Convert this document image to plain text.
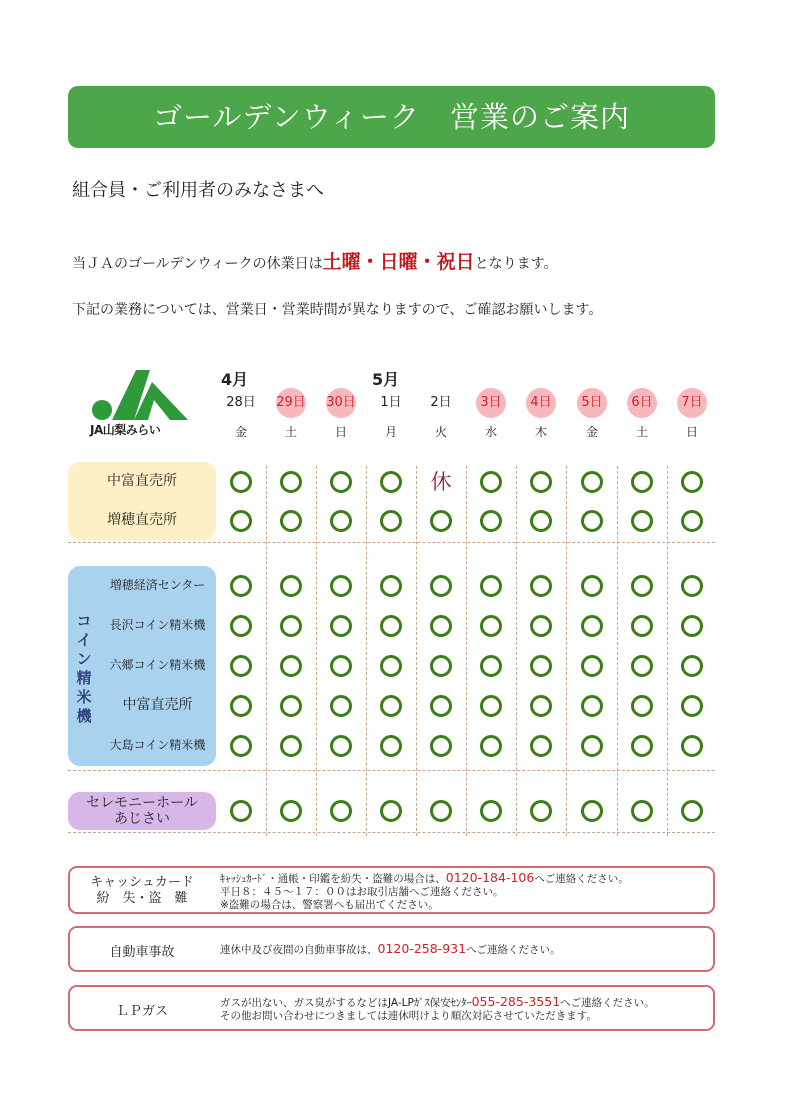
ゴールデンウィーク　営業のご案内
組合員・ご利用者のみなさまへ
当ＪＡのゴールデンウィークの休業日は土曜・日曜・祝日となります。
下記の業務については、営業日・営業時間が異なりますので、ご確認お願いします。
JA山梨みらい
4月	5月
28日
金
29日
土
30日
日
1日
月
2日
火
3日
水
4日
木
5日
金
6日
土
7日
日
コイン精米機
中富直売所
増穂直売所
増穂経済センター
長沢コイン精米機
六郷コイン精米機
中富直売所
大島コイン精米機
セレモニーホール
あじさい
休
キャッシュカード
紛　失・盗　難
ｷｬｯｼｭｶｰﾄﾞ・通帳・印鑑を紛失・盗難の場合は、0120-184-106へご連絡ください。
平日８：４５～１７：００はお取引店舗へご連絡ください。
※盗難の場合は、警察署へも届出てください。
自動車事故	連休中及び夜間の自動車事故は、0120-258-931へご連絡ください。
ＬＰガス
ガスが出ない、ガス臭がするなどはJA-LPｶﾞｽ保安ｾﾝﾀｰ055-285-3551へご連絡ください。
その他お問い合わせにつきましては連休明けより順次対応させていただきます。
